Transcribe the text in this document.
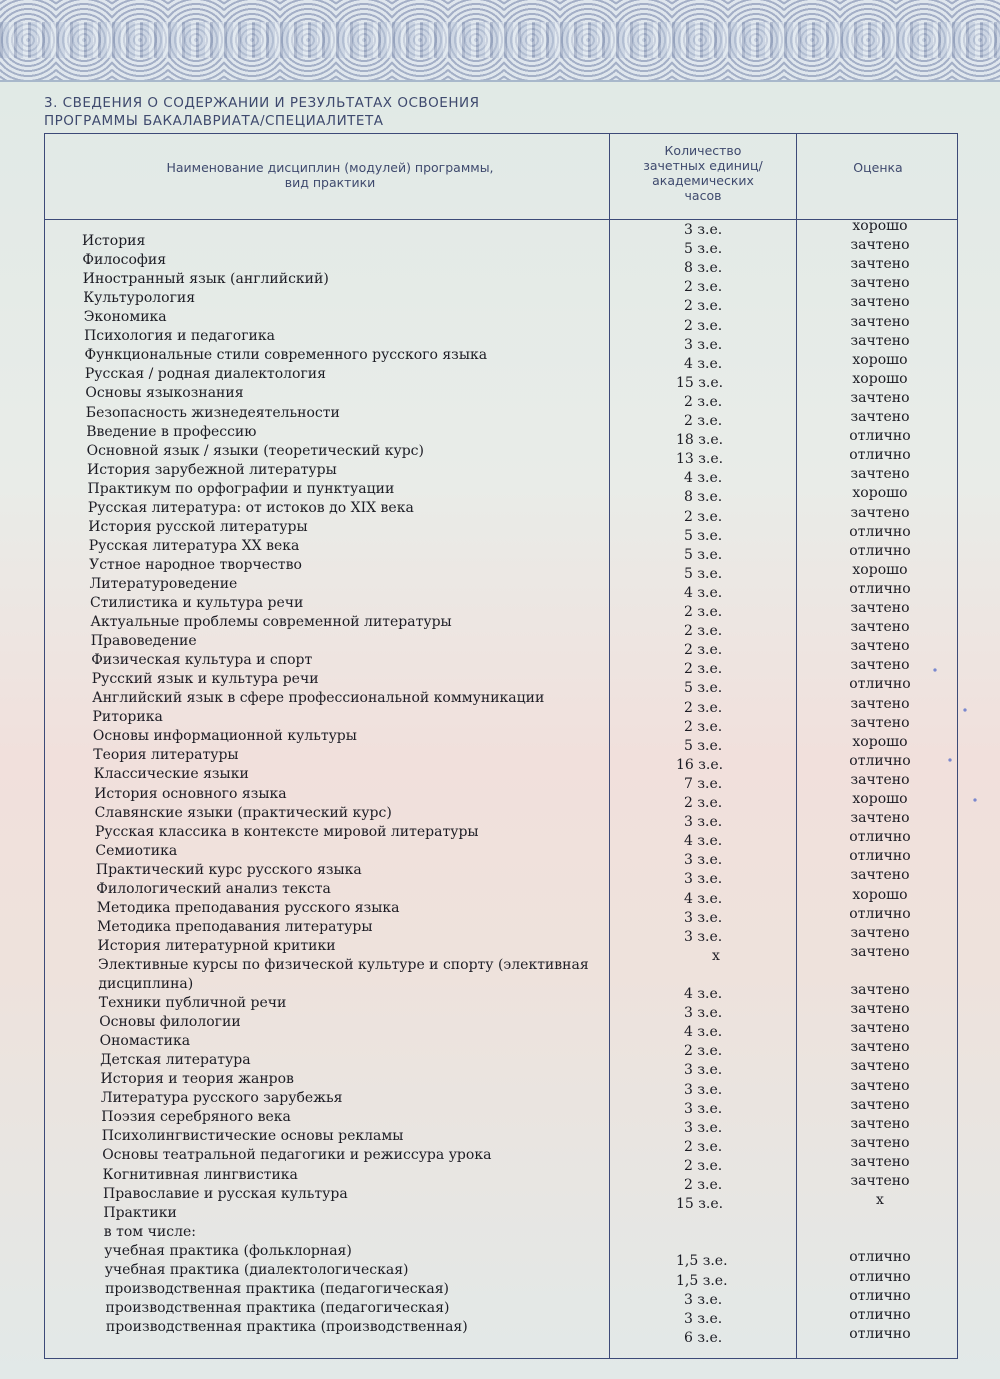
3. СВЕДЕНИЯ О СОДЕРЖАНИИ И РЕЗУЛЬТАТАХ ОСВОЕНИЯ
ПРОГРАММЫ БАКАЛАВРИАТА/СПЕЦИАЛИТЕТА
Наименование дисциплин (модулей) программы,
вид практики
Количество
зачетных единиц/
академических
часов
Оценка
История
Философия
Иностранный язык (английский)
Культурология
Экономика
Психология и педагогика
Функциональные стили современного русского языка
Русская / родная диалектология
Основы языкознания
Безопасность жизнедеятельности
Введение в профессию
Основной язык / языки (теоретический курс)
История зарубежной литературы
Практикум по орфографии и пунктуации
Русская литература: от истоков до XIX века
История русской литературы
Русская литература XX века
Устное народное творчество
Литературоведение
Стилистика и культура речи
Актуальные проблемы современной литературы
Правоведение
Физическая культура и спорт
Русский язык и культура речи
Английский язык в сфере профессиональной коммуникации
Риторика
Основы информационной культуры
Теория литературы
Классические языки
История основного языка
Славянские языки (практический курс)
Русская классика в контексте мировой литературы
Семиотика
Практический курс русского языка
Филологический анализ текста
Методика преподавания русского языка
Методика преподавания литературы
История литературной критики
Элективные курсы по физической культуре и спорту (элективная
дисциплина)
Техники публичной речи
Основы филологии
Ономастика
Детская литература
История и теория жанров
Литература русского зарубежья
Поэзия серебряного века
Психолингвистические основы рекламы
Основы театральной педагогики и режиссура урока
Когнитивная лингвистика
Православие и русская культура
Практики
в том числе:
учебная практика (фольклорная)
учебная практика (диалектологическая)
производственная практика (педагогическая)
производственная практика (педагогическая)
производственная практика (производственная)
3 з.е.
5 з.е.
8 з.е.
2 з.е.
2 з.е.
2 з.е.
3 з.е.
4 з.е.
15 з.е.
2 з.е.
2 з.е.
18 з.е.
13 з.е.
4 з.е.
8 з.е.
2 з.е.
5 з.е.
5 з.е.
5 з.е.
4 з.е.
2 з.е.
2 з.е.
2 з.е.
2 з.е.
5 з.е.
2 з.е.
2 з.е.
5 з.е.
16 з.е.
7 з.е.
2 з.е.
3 з.е.
4 з.е.
3 з.е.
3 з.е.
4 з.е.
3 з.е.
3 з.е.
х
4 з.е.
3 з.е.
4 з.е.
2 з.е.
3 з.е.
3 з.е.
3 з.е.
3 з.е.
2 з.е.
2 з.е.
2 з.е.
15 з.е.
1,5 з.е.
1,5 з.е.
3 з.е.
3 з.е.
6 з.е.
хорошо
зачтено
зачтено
зачтено
зачтено
зачтено
зачтено
хорошо
хорошо
зачтено
зачтено
отлично
отлично
зачтено
хорошо
зачтено
отлично
отлично
хорошо
отлично
зачтено
зачтено
зачтено
зачтено
отлично
зачтено
зачтено
хорошо
отлично
зачтено
хорошо
зачтено
отлично
отлично
зачтено
хорошо
отлично
зачтено
зачтено
зачтено
зачтено
зачтено
зачтено
зачтено
зачтено
зачтено
зачтено
зачтено
зачтено
зачтено
х
отлично
отлично
отлично
отлично
отлично
